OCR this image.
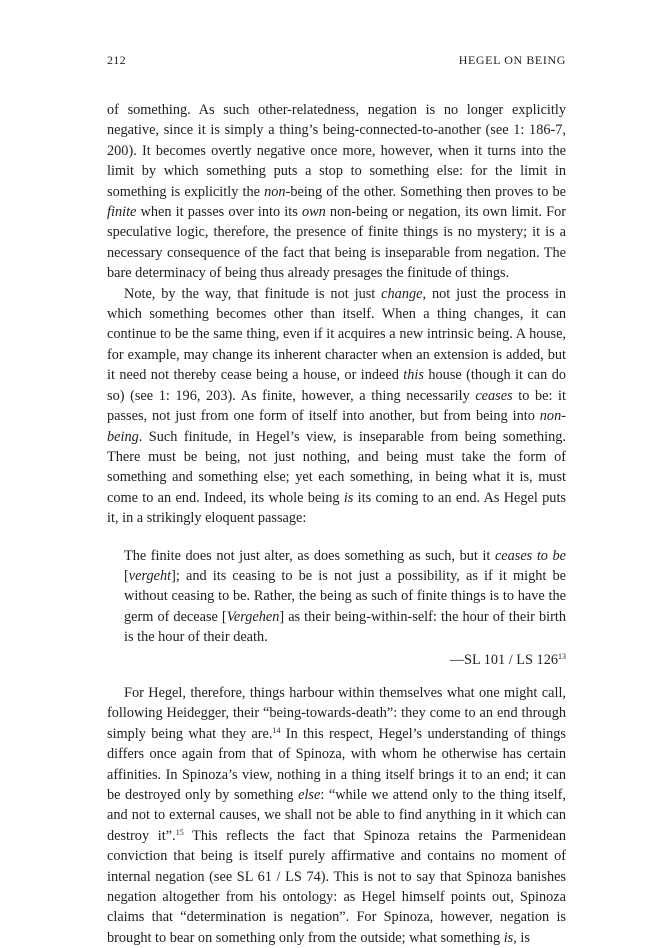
212	HEGEL ON BEING

of something. As such other-relatedness, negation is no longer explicitly negative, since it is simply a thing’s being-connected-to-another (see 1: 186-7, 200). It becomes overtly negative once more, however, when it turns into the limit by which something puts a stop to something else: for the limit in something is explicitly the non-being of the other. Something then proves to be finite when it passes over into its own non-being or negation, its own limit. For speculative logic, therefore, the presence of finite things is no mystery; it is a necessary consequence of the fact that being is inseparable from negation. The bare determinacy of being thus already presages the finitude of things.

Note, by the way, that finitude is not just change, not just the process in which something becomes other than itself. When a thing changes, it can continue to be the same thing, even if it acquires a new intrinsic being. A house, for example, may change its inherent character when an extension is added, but it need not thereby cease being a house, or indeed this house (though it can do so) (see 1: 196, 203). As finite, however, a thing necessarily ceases to be: it passes, not just from one form of itself into another, but from being into non-being. Such finitude, in Hegel’s view, is inseparable from being something. There must be being, not just nothing, and being must take the form of something and something else; yet each something, in being what it is, must come to an end. Indeed, its whole being is its coming to an end. As Hegel puts it, in a strikingly eloquent passage:

The finite does not just alter, as does something as such, but it ceases to be [vergeht]; and its ceasing to be is not just a possibility, as if it might be without ceasing to be. Rather, the being as such of finite things is to have the germ of decease [Vergehen] as their being-within-self: the hour of their birth is the hour of their death.

—SL 101 / LS $126^{13}$

For Hegel, therefore, things harbour within themselves what one might call, following Heidegger, their “being-towards-death”: they come to an end through simply being what they are.$^{14}$ In this respect, Hegel’s understanding of things differs once again from that of Spinoza, with whom he otherwise has certain affinities. In Spinoza’s view, nothing in a thing itself brings it to an end; it can be destroyed only by something else: “while we attend only to the thing itself, and not to external causes, we shall not be able to find anything in it which can destroy it”.$^{15}$ This reflects the fact that Spinoza retains the Parmenidean conviction that being is itself purely affirmative and contains no moment of internal negation (see SL 61 / LS 74). This is not to say that Spinoza banishes negation altogether from his ontology: as Hegel himself points out, Spinoza claims that “determination is negation”. For Spinoza, however, negation is brought to bear on something only from the outside; what something is, is
